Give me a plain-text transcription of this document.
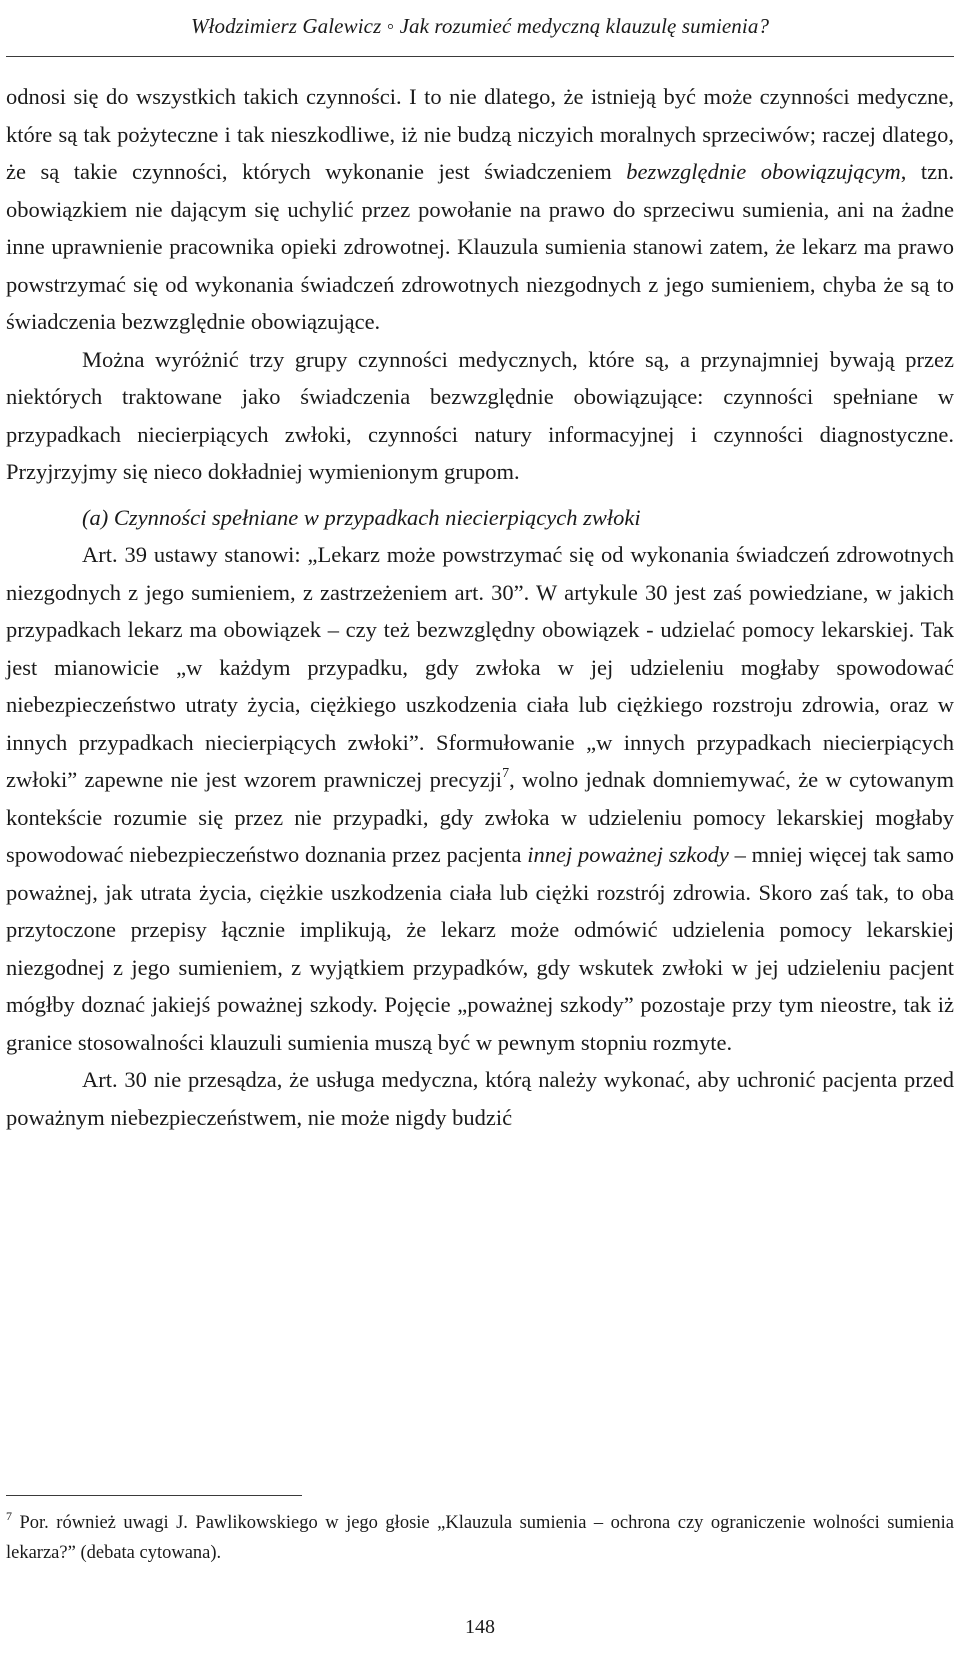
Włodzimierz Galewicz ◦ Jak rozumieć medyczną klauzulę sumienia?

odnosi się do wszystkich takich czynności. I to nie dlatego, że istnieją być może czynności medyczne, które są tak pożyteczne i tak nieszkodliwe, iż nie budzą niczyich moralnych sprzeciwów; raczej dlatego, że są takie czynności, których wykonanie jest świadczeniem bezwzględnie obowiązującym, tzn. obowiązkiem nie dającym się uchylić przez powołanie na prawo do sprzeciwu sumienia, ani na żadne inne uprawnienie pracownika opieki zdrowotnej. Klauzula sumienia stanowi zatem, że lekarz ma prawo powstrzymać się od wykonania świadczeń zdrowotnych niezgodnych z jego sumieniem, chyba że są to świadczenia bezwzględnie obowiązujące.

Można wyróżnić trzy grupy czynności medycznych, które są, a przynajmniej bywają przez niektórych traktowane jako świadczenia bezwzględnie obowiązujące: czynności spełniane w przypadkach niecierpiących zwłoki, czynności natury informacyjnej i czynności diagnostyczne. Przyjrzyjmy się nieco dokładniej wymienionym grupom.

(a) Czynności spełniane w przypadkach niecierpiących zwłoki

Art. 39 ustawy stanowi: „Lekarz może powstrzymać się od wykonania świadczeń zdrowotnych niezgodnych z jego sumieniem, z zastrzeżeniem art. 30”. W artykule 30 jest zaś powiedziane, w jakich przypadkach lekarz ma obowiązek – czy też bezwzględny obowiązek - udzielać pomocy lekarskiej. Tak jest mianowicie „w każdym przypadku, gdy zwłoka w jej udzieleniu mogłaby spowodować niebezpieczeństwo utraty życia, ciężkiego uszkodzenia ciała lub ciężkiego rozstroju zdrowia, oraz w innych przypadkach niecierpiących zwłoki”. Sformułowanie „w innych przypadkach niecierpiących zwłoki” zapewne nie jest wzorem prawniczej precyzji$^7$, wolno jednak domniemywać, że w cytowanym kontekście rozumie się przez nie przypadki, gdy zwłoka w udzieleniu pomocy lekarskiej mogłaby spowodować niebezpieczeństwo doznania przez pacjenta innej poważnej szkody – mniej więcej tak samo poważnej, jak utrata życia, ciężkie uszkodzenia ciała lub ciężki rozstrój zdrowia. Skoro zaś tak, to oba przytoczone przepisy łącznie implikują, że lekarz może odmówić udzielenia pomocy lekarskiej niezgodnej z jego sumieniem, z wyjątkiem przypadków, gdy wskutek zwłoki w jej udzieleniu pacjent mógłby doznać jakiejś poważnej szkody. Pojęcie „poważnej szkody” pozostaje przy tym nieostre, tak iż granice stosowalności klauzuli sumienia muszą być w pewnym stopniu rozmyte.

Art. 30 nie przesądza, że usługa medyczna, którą należy wykonać, aby uchronić pacjenta przed poważnym niebezpieczeństwem, nie może nigdy budzić

$^7$ Por. również uwagi J. Pawlikowskiego w jego głosie „Klauzula sumienia – ochrona czy ograniczenie wolności sumienia lekarza?” (debata cytowana).
148
